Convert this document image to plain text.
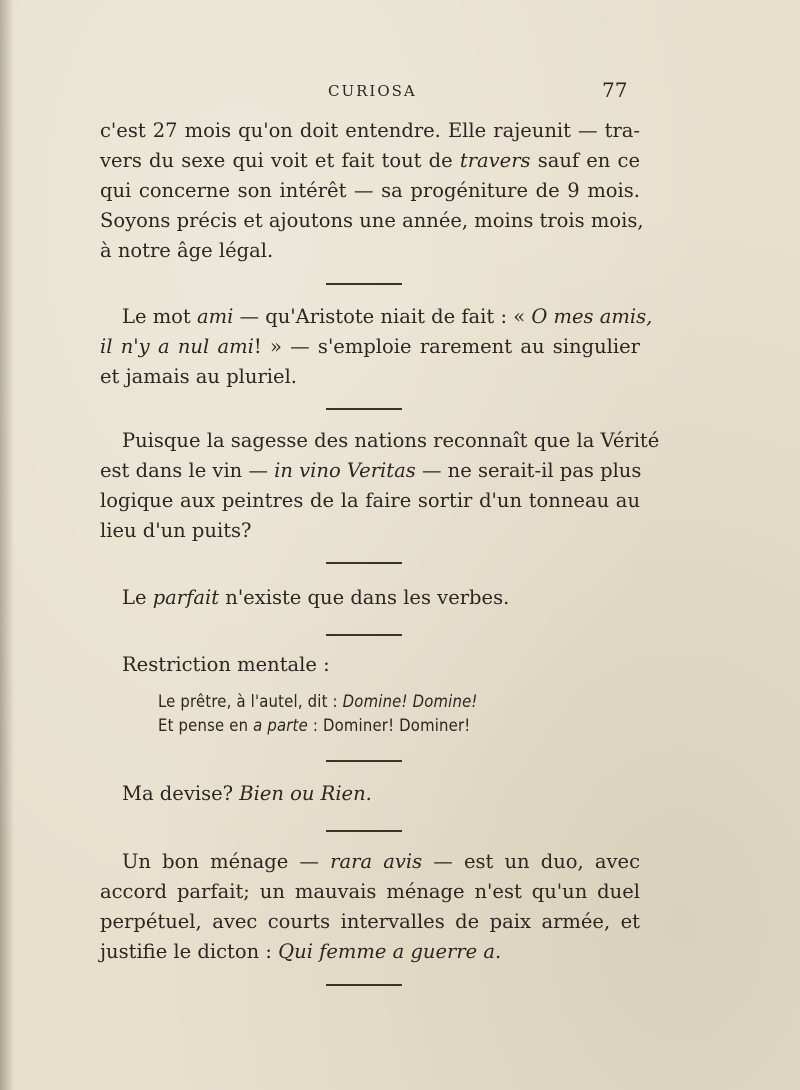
CURIOSA	77
c'est 27 mois qu'on doit entendre. Elle rajeunit — tra-
vers du sexe qui voit et fait tout de travers sauf en ce
qui concerne son intérêt — sa progéniture de 9 mois.
Soyons précis et ajoutons une année, moins trois mois,
à notre âge légal.
Le mot ami — qu'Aristote niait de fait : « O mes amis,
il n'y a nul ami! » — s'emploie rarement au singulier
et jamais au pluriel.
Puisque la sagesse des nations reconnaît que la Vérité
est dans le vin — in vino Veritas — ne serait-il pas plus
logique aux peintres de la faire sortir d'un tonneau au
lieu d'un puits?
Le parfait n'existe que dans les verbes.
Restriction mentale :
Le prêtre, à l'autel, dit : Domine! Domine!
Et pense en a parte : Dominer! Dominer!
Ma devise? Bien ou Rien.
Un bon ménage — rara avis — est un duo, avec
accord parfait; un mauvais ménage n'est qu'un duel
perpétuel, avec courts intervalles de paix armée, et
justifie le dicton : Qui femme a guerre a.
